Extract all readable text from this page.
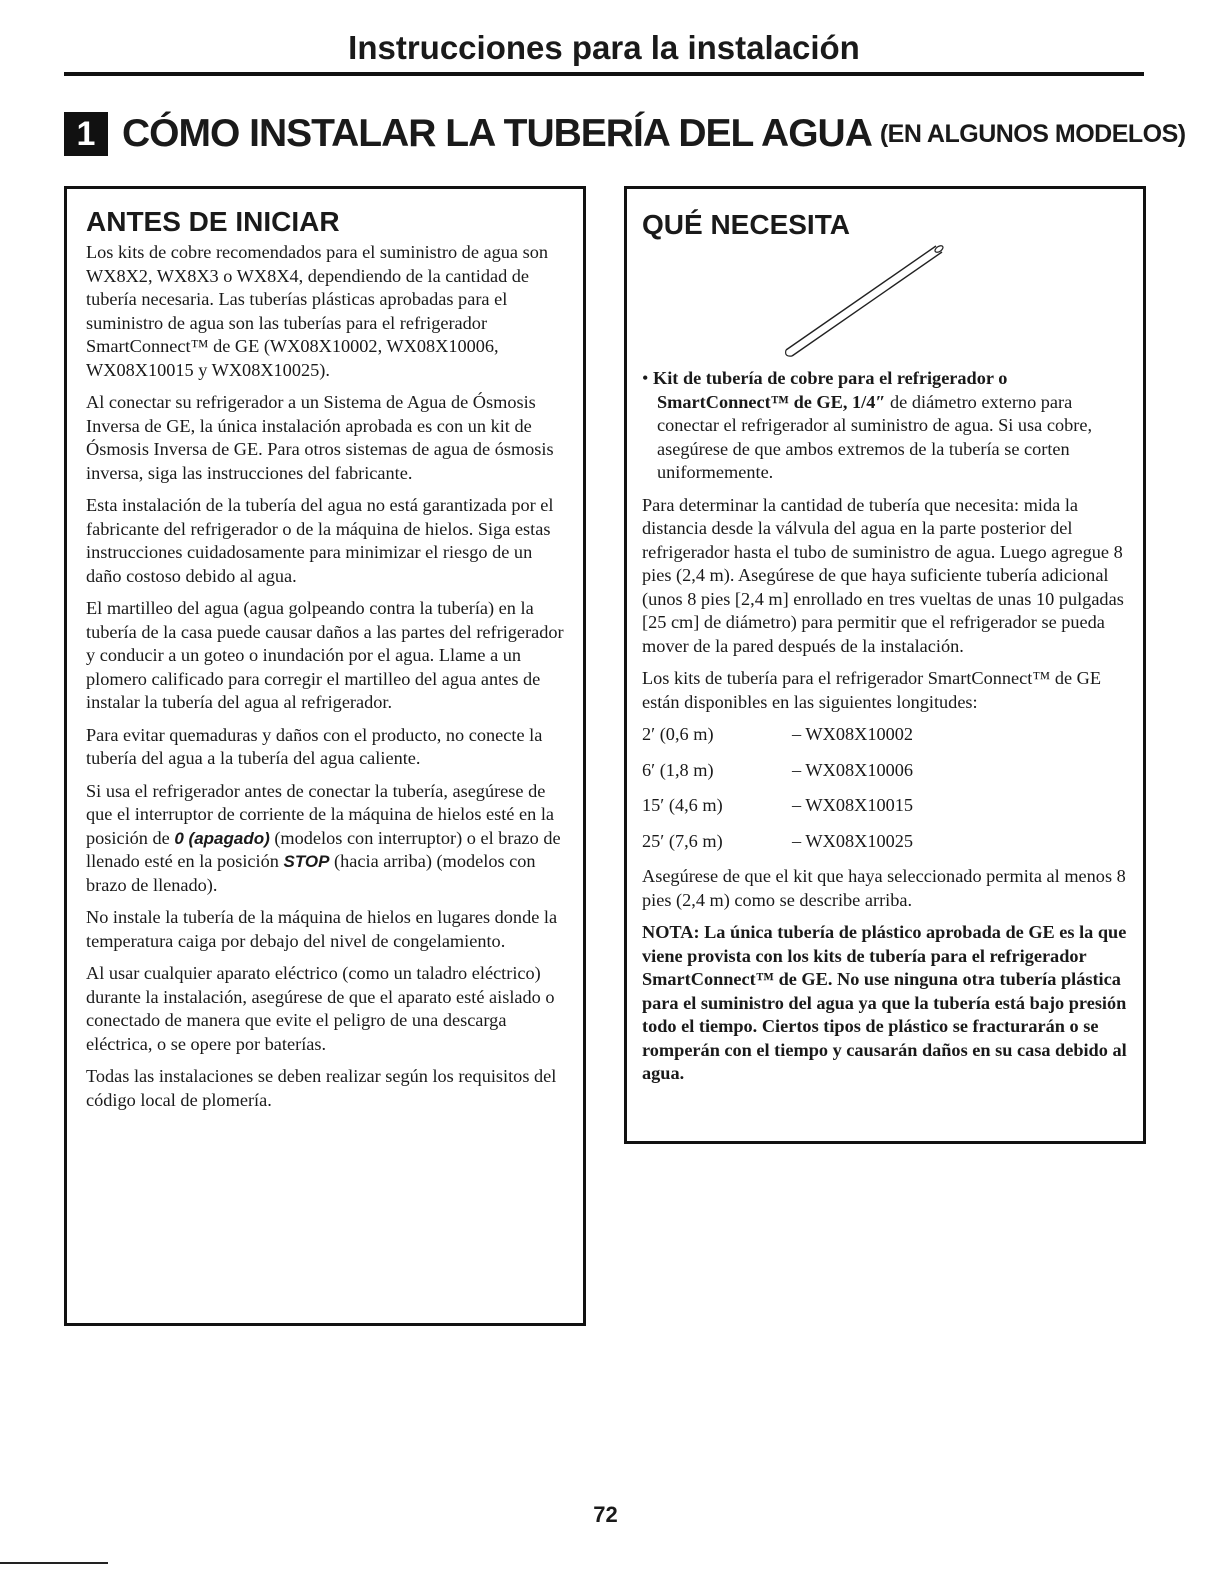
Instrucciones para la instalación
1 CÓMO INSTALAR LA TUBERÍA DEL AGUA (EN ALGUNOS MODELOS)
ANTES DE INICIAR

Los kits de cobre recomendados para el suministro de agua son WX8X2, WX8X3 o WX8X4, dependiendo de la cantidad de tubería necesaria. Las tuberías plásticas aprobadas para el suministro de agua son las tuberías para el refrigerador SmartConnect™ de GE (WX08X10002, WX08X10006, WX08X10015 y WX08X10025).

Al conectar su refrigerador a un Sistema de Agua de Ósmosis Inversa de GE, la única instalación aprobada es con un kit de Ósmosis Inversa de GE. Para otros sistemas de agua de ósmosis inversa, siga las instrucciones del fabricante.

Esta instalación de la tubería del agua no está garantizada por el fabricante del refrigerador o de la máquina de hielos. Siga estas instrucciones cuidadosamente para minimizar el riesgo de un daño costoso debido al agua.

El martilleo del agua (agua golpeando contra la tubería) en la tubería de la casa puede causar daños a las partes del refrigerador y conducir a un goteo o inundación por el agua. Llame a un plomero calificado para corregir el martilleo del agua antes de instalar la tubería del agua al refrigerador.

Para evitar quemaduras y daños con el producto, no conecte la tubería del agua a la tubería del agua caliente.

Si usa el refrigerador antes de conectar la tubería, asegúrese de que el interruptor de corriente de la máquina de hielos esté en la posición de 0 (apagado) (modelos con interruptor) o el brazo de llenado esté en la posición STOP (hacia arriba) (modelos con brazo de llenado).

No instale la tubería de la máquina de hielos en lugares donde la temperatura caiga por debajo del nivel de congelamiento.

Al usar cualquier aparato eléctrico (como un taladro eléctrico) durante la instalación, asegúrese de que el aparato esté aislado o conectado de manera que evite el peligro de una descarga eléctrica, o se opere por baterías.

Todas las instalaciones se deben realizar según los requisitos del código local de plomería.

QUÉ NECESITA

• Kit de tubería de cobre para el refrigerador o SmartConnect™ de GE, 1/4″ de diámetro externo para conectar el refrigerador al suministro de agua. Si usa cobre, asegúrese de que ambos extremos de la tubería se corten uniformemente.

Para determinar la cantidad de tubería que necesita: mida la distancia desde la válvula del agua en la parte posterior del refrigerador hasta el tubo de suministro de agua. Luego agregue 8 pies (2,4 m). Asegúrese de que haya suficiente tubería adicional (unos 8 pies [2,4 m] enrollado en tres vueltas de unas 10 pulgadas [25 cm] de diámetro) para permitir que el refrigerador se pueda mover de la pared después de la instalación.

Los kits de tubería para el refrigerador SmartConnect™ de GE están disponibles en las siguientes longitudes:

2′ (0,6 m)	– WX08X10002
6′ (1,8 m)	– WX08X10006
15′ (4,6 m)	– WX08X10015
25′ (7,6 m)	– WX08X10025

Asegúrese de que el kit que haya seleccionado permita al menos 8 pies (2,4 m) como se describe arriba.

NOTA: La única tubería de plástico aprobada de GE es la que viene provista con los kits de tubería para el refrigerador SmartConnect™ de GE. No use ninguna otra tubería plástica para el suministro del agua ya que la tubería está bajo presión todo el tiempo. Ciertos tipos de plástico se fracturarán o se romperán con el tiempo y causarán daños en su casa debido al agua.

72
